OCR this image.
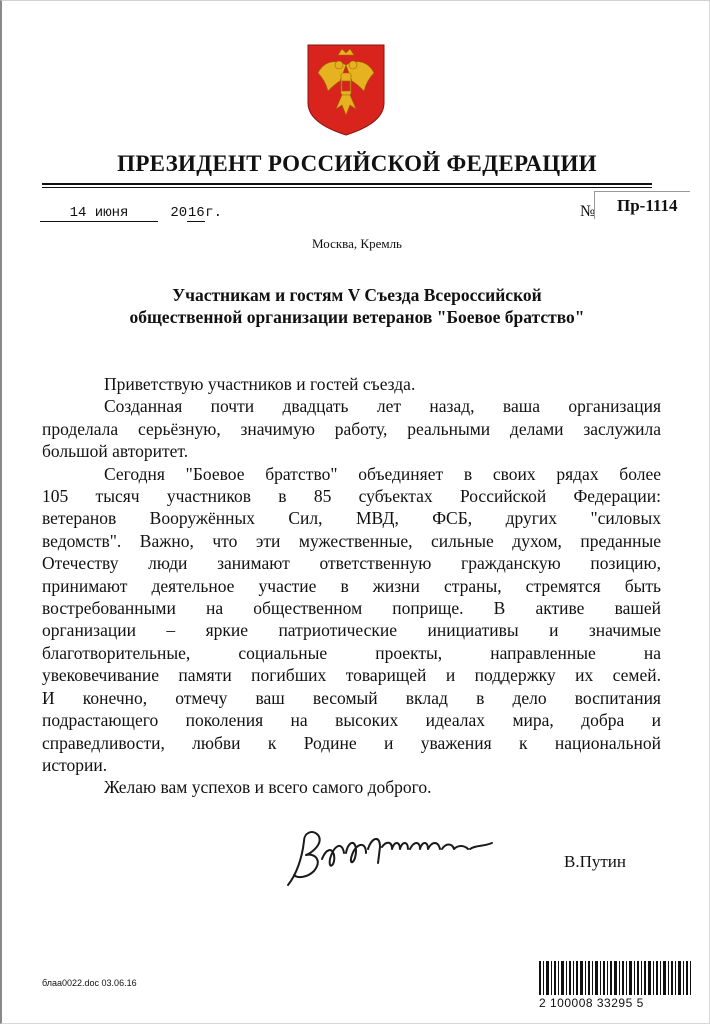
ПРЕЗИДЕНТ РОССИЙСКОЙ ФЕДЕРАЦИИ
14 июня	2016г.	№	Пр-1114
Москва, Кремль
Участникам и гостям V Съезда Всероссийской
общественной организации ветеранов "Боевое братство"
Приветствую участников и гостей съезда.
Созданная почти двадцать лет назад, ваша организация
проделала серьёзную, значимую работу, реальными делами заслужила
большой авторитет.
Сегодня "Боевое братство" объединяет в своих рядах более
105 тысяч участников в 85 субъектах Российской Федерации:
ветеранов Вооружённых Сил, МВД, ФСБ, других "силовых
ведомств". Важно, что эти мужественные, сильные духом, преданные
Отечеству люди занимают ответственную гражданскую позицию,
принимают деятельное участие в жизни страны, стремятся быть
востребованными на общественном поприще. В активе вашей
организации – яркие патриотические инициативы и значимые
благотворительные, социальные проекты, направленные на
увековечивание памяти погибших товарищей и поддержку их семей.
И конечно, отмечу ваш весомый вклад в дело воспитания
подрастающего поколения на высоких идеалах мира, добра и
справедливости, любви к Родине и уважения к национальной
истории.
Желаю вам успехов и всего самого доброго.
В.Путин
блаа0022.doc 03.06.16
2 100008 33295 5
